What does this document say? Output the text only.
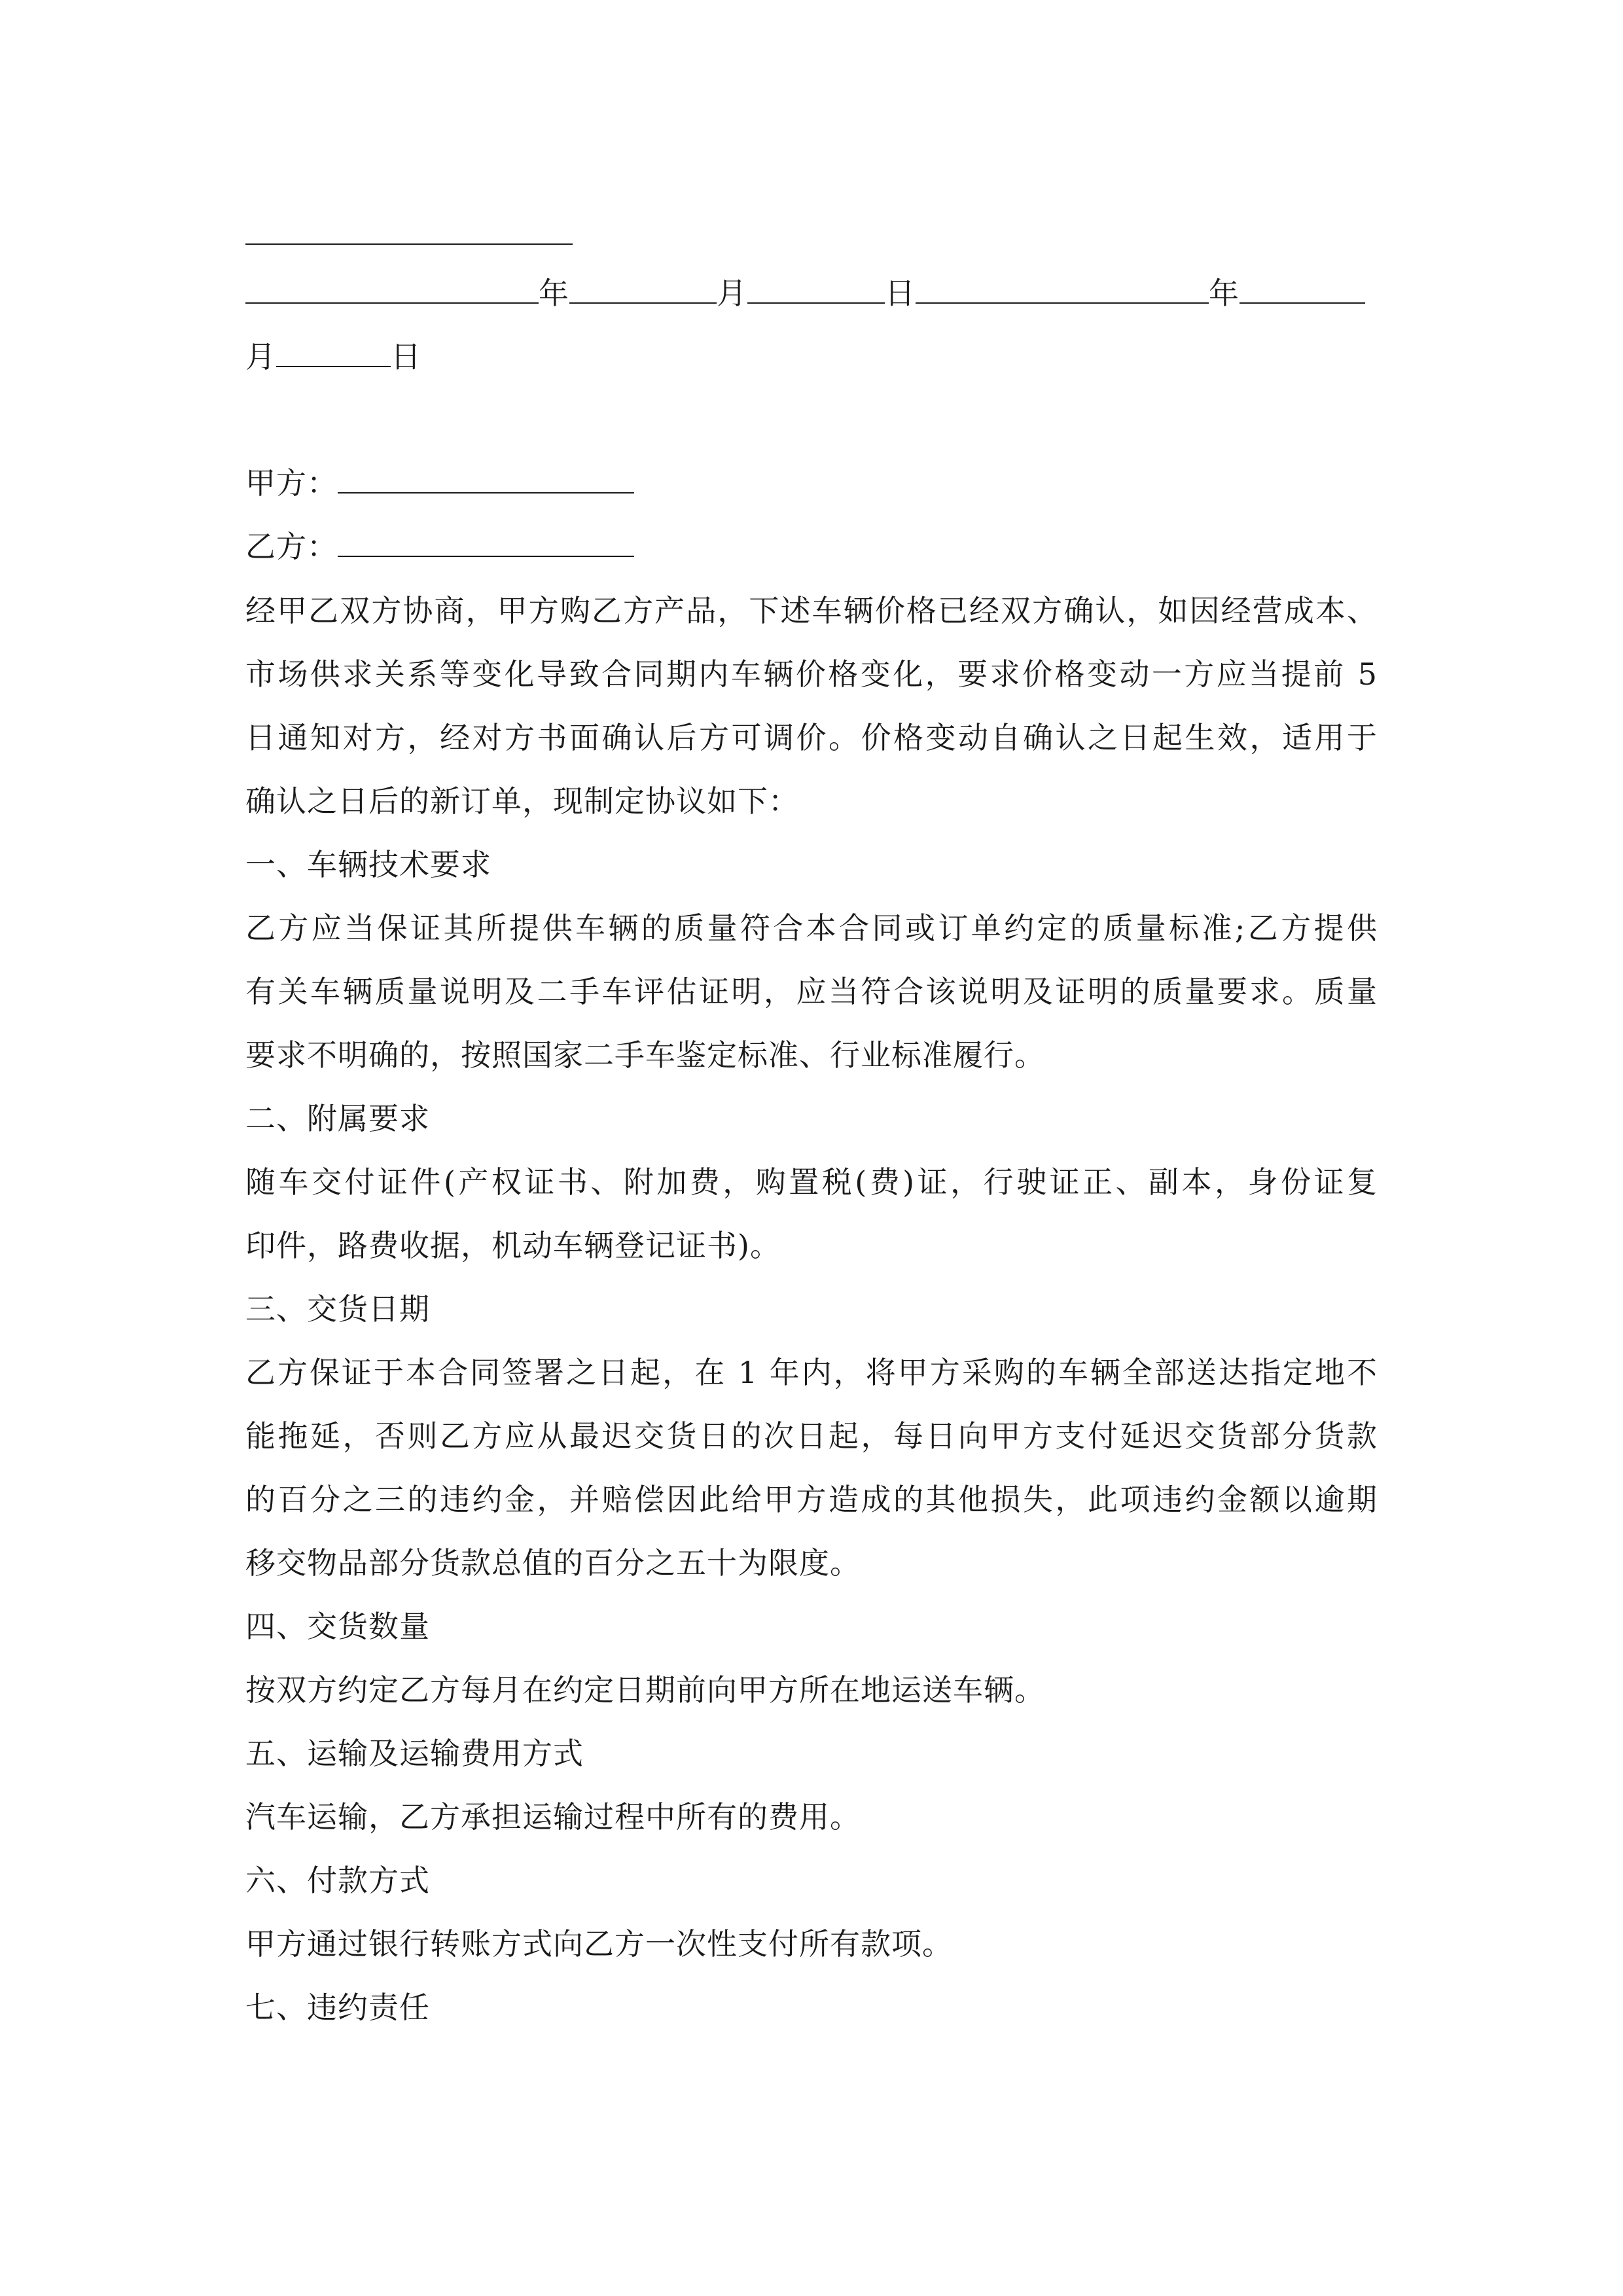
年	月	日	年
月	日
甲方：
乙方：
经甲乙双方协商，甲方购乙方产品，下述车辆价格已经双方确认，如因经营成本、
市场供求关系等变化导致合同期内车辆价格变化，要求价格变动一方应当提前 5
日通知对方，经对方书面确认后方可调价。价格变动自确认之日起生效，适用于
确认之日后的新订单，现制定协议如下：
一、车辆技术要求
乙方应当保证其所提供车辆的质量符合本合同或订单约定的质量标准;乙方提供
有关车辆质量说明及二手车评估证明，应当符合该说明及证明的质量要求。质量
要求不明确的，按照国家二手车鉴定标准、行业标准履行。
二、附属要求
随车交付证件(产权证书、附加费，购置税(费)证，行驶证正、副本，身份证复
印件，路费收据，机动车辆登记证书)。
三、交货日期
乙方保证于本合同签署之日起，在 1 年内，将甲方采购的车辆全部送达指定地不
能拖延，否则乙方应从最迟交货日的次日起，每日向甲方支付延迟交货部分货款
的百分之三的违约金，并赔偿因此给甲方造成的其他损失，此项违约金额以逾期
移交物品部分货款总值的百分之五十为限度。
四、交货数量
按双方约定乙方每月在约定日期前向甲方所在地运送车辆。
五、运输及运输费用方式
汽车运输，乙方承担运输过程中所有的费用。
六、付款方式
甲方通过银行转账方式向乙方一次性支付所有款项。
七、违约责任
